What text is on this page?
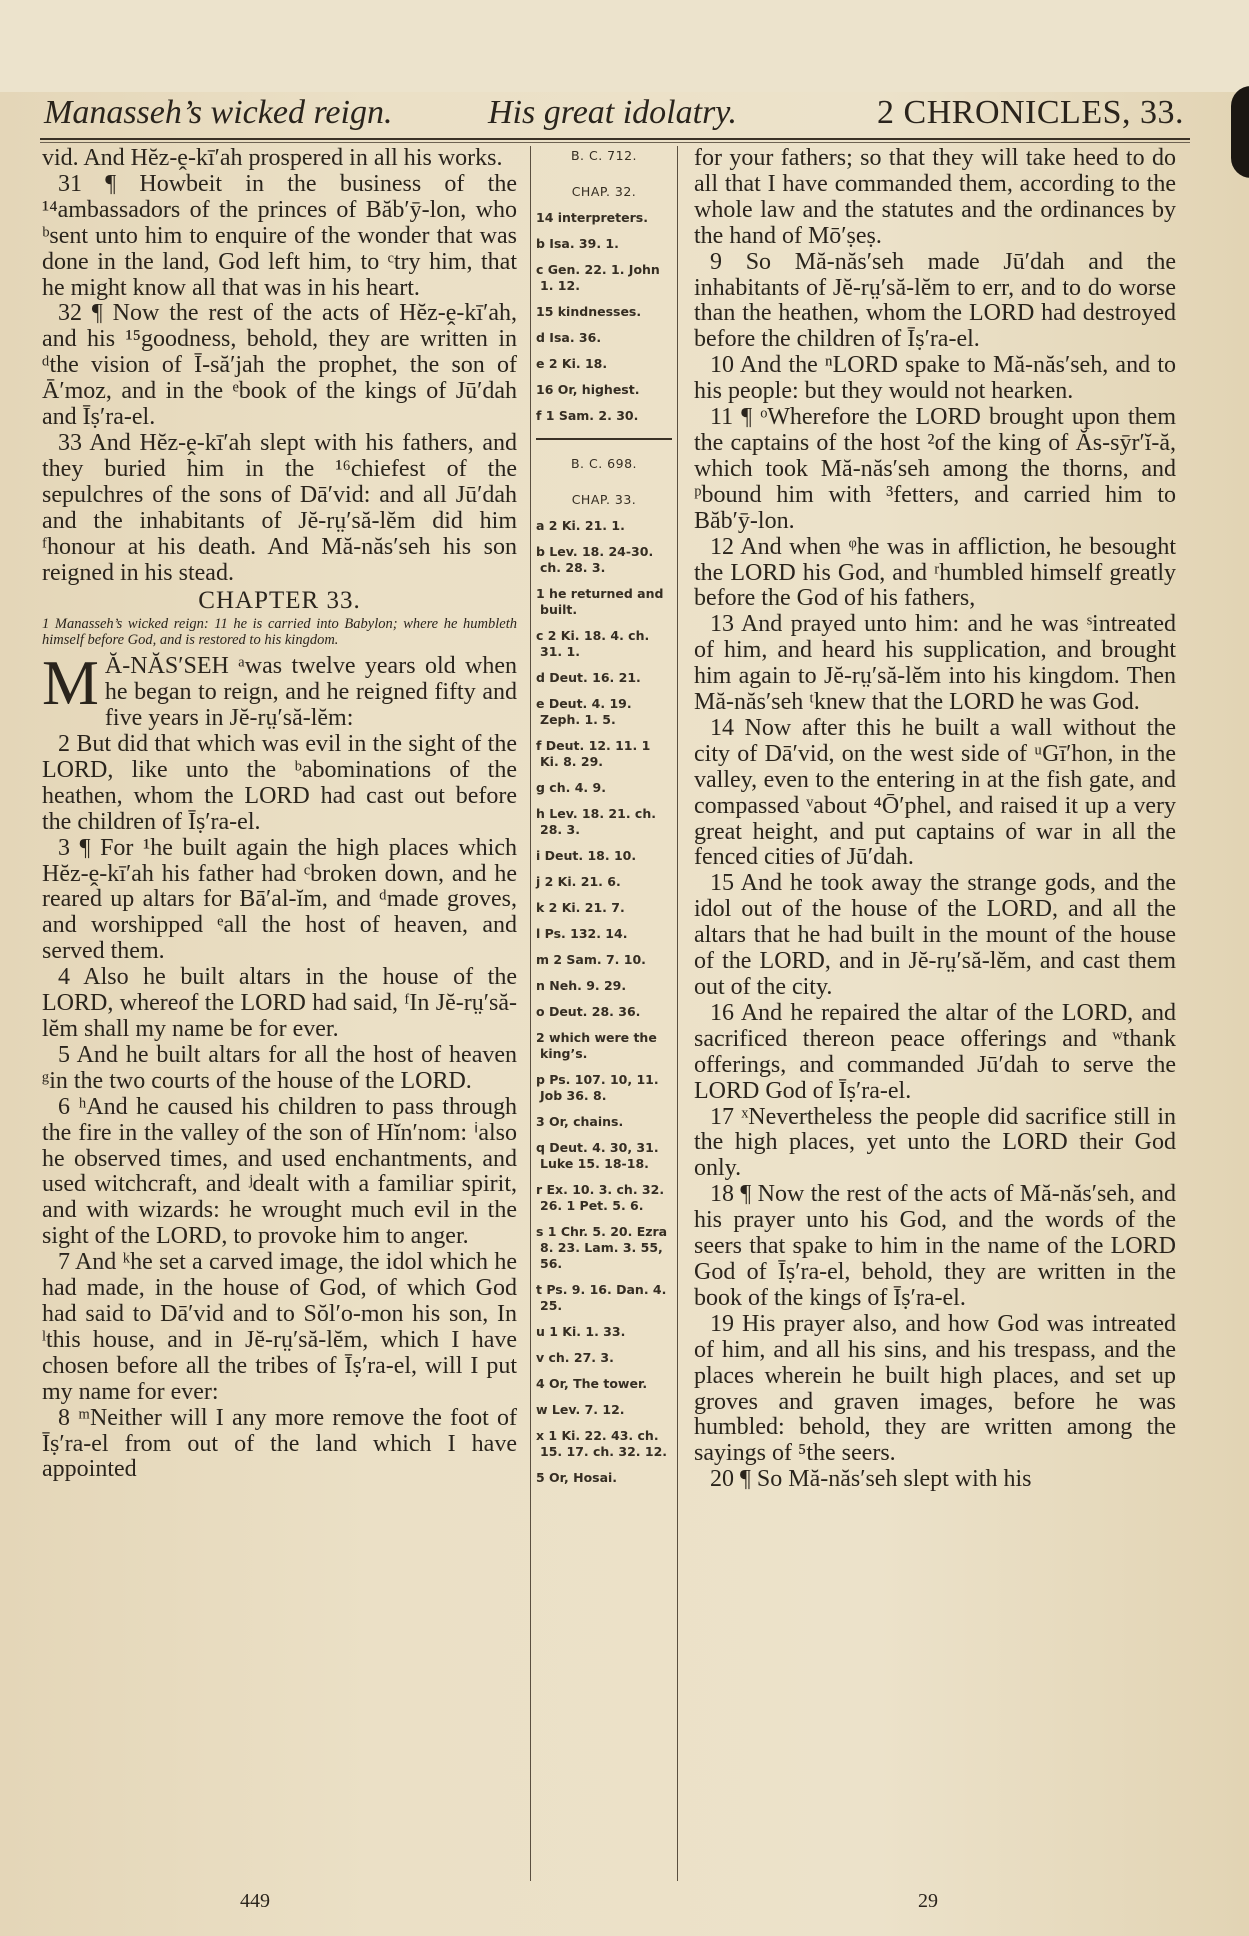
Manasseh’s wicked reign.	His great idolatry.	2 CHRONICLES, 33.

vid. And Hĕz-ḙ-kī′ah prospered in all his works.

31 ¶ Howbeit in the business of the ¹⁴ambassadors of the princes of Băb′ȳ-lon, who ᵇsent unto him to enquire of the wonder that was done in the land, God left him, to ᶜtry him, that he might know all that was in his heart.

32 ¶ Now the rest of the acts of Hĕz-ḙ-kī′ah, and his ¹⁵goodness, behold, they are written in ᵈthe vision of Ī-să′jah the prophet, the son of Ā′moz, and in the ᵉbook of the kings of Jū′dah and Īṣ′ra-el.

33 And Hĕz-ḙ-kī′ah slept with his fathers, and they buried him in the ¹⁶chiefest of the sepulchres of the sons of Dā′vid: and all Jū′dah and the inhabitants of Jĕ-rṳ′să-lĕm did him ᶠhonour at his death. And Mă-năs′seh his son reigned in his stead.

CHAPTER 33.

1 Manasseh’s wicked reign: 11 he is carried into Babylon; where he humbleth himself before God, and is restored to his kingdom.

M Ă-NĂS′SEH ᵃwas twelve years old when he began to reign, and he reigned fifty and five years in Jĕ-rṳ′să-lĕm:

2 But did that which was evil in the sight of the LORD, like unto the ᵇabominations of the heathen, whom the LORD had cast out before the children of Īṣ′ra-el.

3 ¶ For ¹he built again the high places which Hĕz-ḙ-kī′ah his father had ᶜbroken down, and he reared up altars for Bā′al-ĭm, and ᵈmade groves, and worshipped ᵉall the host of heaven, and served them.

4 Also he built altars in the house of the LORD, whereof the LORD had said, ᶠIn Jĕ-rṳ′să-lĕm shall my name be for ever.

5 And he built altars for all the host of heaven ᵍin the two courts of the house of the LORD.

6 ʰAnd he caused his children to pass through the fire in the valley of the son of Hĭn′nom: ⁱalso he observed times, and used enchantments, and used witchcraft, and ʲdealt with a familiar spirit, and with wizards: he wrought much evil in the sight of the LORD, to provoke him to anger.

7 And ᵏhe set a carved image, the idol which he had made, in the house of God, of which God had said to Dā′vid and to Sŏl′o-mon his son, In ˡthis house, and in Jĕ-rṳ′să-lĕm, which I have chosen before all the tribes of Īṣ′ra-el, will I put my name for ever:

8 ᵐNeither will I any more remove the foot of Īṣ′ra-el from out of the land which I have appointed

B. C. 712.
CHAP. 32.
14 interpreters.
b Isa. 39. 1.
c Gen. 22. 1. John 1. 12.
15 kindnesses.
d Isa. 36.
e 2 Ki. 18.
16 Or, highest.
f 1 Sam. 2. 30.
B. C. 698.
CHAP. 33.
a 2 Ki. 21. 1.
b Lev. 18. 24-30. ch. 28. 3.
1 he returned and built.
c 2 Ki. 18. 4. ch. 31. 1.
d Deut. 16. 21.
e Deut. 4. 19. Zeph. 1. 5.
f Deut. 12. 11. 1 Ki. 8. 29.
g ch. 4. 9.
h Lev. 18. 21. ch. 28. 3.
i Deut. 18. 10.
j 2 Ki. 21. 6.
k 2 Ki. 21. 7.
l Ps. 132. 14.
m 2 Sam. 7. 10.
n Neh. 9. 29.
o Deut. 28. 36.
2 which were the king’s.
p Ps. 107. 10, 11. Job 36. 8.
3 Or, chains.
q Deut. 4. 30, 31. Luke 15. 18-18.
r Ex. 10. 3. ch. 32. 26. 1 Pet. 5. 6.
s 1 Chr. 5. 20. Ezra 8. 23. Lam. 3. 55, 56.
t Ps. 9. 16. Dan. 4. 25.
u 1 Ki. 1. 33.
v ch. 27. 3.
4 Or, The tower.
w Lev. 7. 12.
x 1 Ki. 22. 43. ch. 15. 17. ch. 32. 12.
5 Or, Hosai.

for your fathers; so that they will take heed to do all that I have commanded them, according to the whole law and the statutes and the ordinances by the hand of Mō′ṣeṣ.

9 So Mă-năs′seh made Jū′dah and the inhabitants of Jĕ-rṳ′să-lĕm to err, and to do worse than the heathen, whom the LORD had destroyed before the children of Īṣ′ra-el.

10 And the ⁿLORD spake to Mă-năs′seh, and to his people: but they would not hearken.

11 ¶ ᵒWherefore the LORD brought upon them the captains of the host ²of the king of Ăs-sȳr′ĭ-ă, which took Mă-năs′seh among the thorns, and ᵖbound him with ³fetters, and carried him to Băb′ȳ-lon.

12 And when ᵠhe was in affliction, he besought the LORD his God, and ʳhumbled himself greatly before the God of his fathers,

13 And prayed unto him: and he was ˢintreated of him, and heard his supplication, and brought him again to Jĕ-rṳ′să-lĕm into his kingdom. Then Mă-năs′seh ᵗknew that the LORD he was God.

14 Now after this he built a wall without the city of Dā′vid, on the west side of ᵘGī′hon, in the valley, even to the entering in at the fish gate, and compassed ᵛabout ⁴Ō′phel, and raised it up a very great height, and put captains of war in all the fenced cities of Jū′dah.

15 And he took away the strange gods, and the idol out of the house of the LORD, and all the altars that he had built in the mount of the house of the LORD, and in Jĕ-rṳ′să-lĕm, and cast them out of the city.

16 And he repaired the altar of the LORD, and sacrificed thereon peace offerings and ʷthank offerings, and commanded Jū′dah to serve the LORD God of Īṣ′ra-el.

17 ˣNevertheless the people did sacrifice still in the high places, yet unto the LORD their God only.

18 ¶ Now the rest of the acts of Mă-năs′seh, and his prayer unto his God, and the words of the seers that spake to him in the name of the LORD God of Īṣ′ra-el, behold, they are written in the book of the kings of Īṣ′ra-el.

19 His prayer also, and how God was intreated of him, and all his sins, and his trespass, and the places wherein he built high places, and set up groves and graven images, before he was humbled: behold, they are written among the sayings of ⁵the seers.

20 ¶ So Mă-năs′seh slept with his

449	29
